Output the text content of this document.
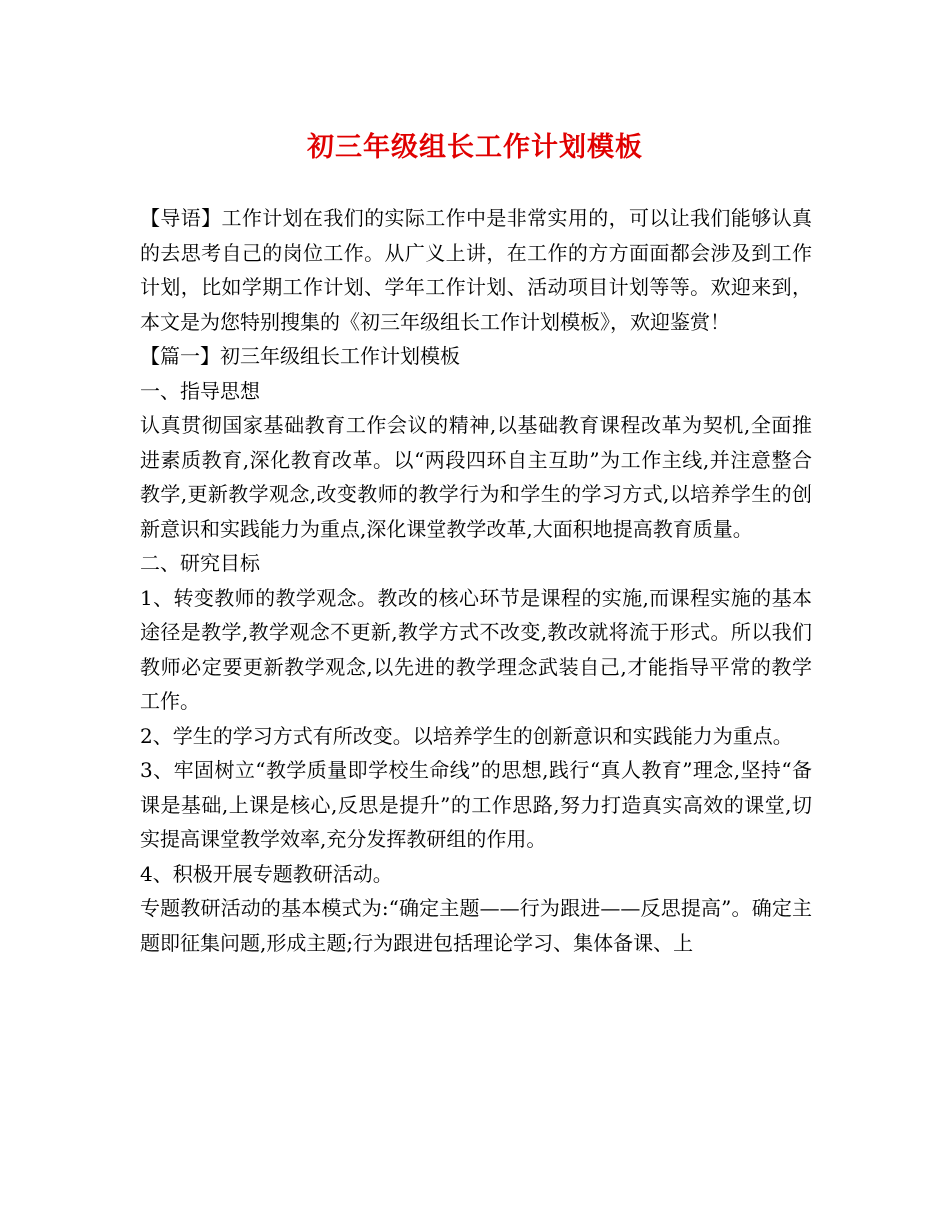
初三年级组长工作计划模板

【导语】工作计划在我们的实际工作中是非常实用的，可以让我们能够认真的去思考自己的岗位工作。从广义上讲，在工作的方方面面都会涉及到工作计划，比如学期工作计划、学年工作计划、活动项目计划等等。欢迎来到，本文是为您特别搜集的《初三年级组长工作计划模板》，欢迎鉴赏！

【篇一】初三年级组长工作计划模板

一、指导思想

认真贯彻国家基础教育工作会议的精神,以基础教育课程改革为契机,全面推进素质教育,深化教育改革。以“两段四环自主互助”为工作主线,并注意整合教学,更新教学观念,改变教师的教学行为和学生的学习方式,以培养学生的创新意识和实践能力为重点,深化课堂教学改革,大面积地提高教育质量。

二、研究目标

1、转变教师的教学观念。教改的核心环节是课程的实施,而课程实施的基本途径是教学,教学观念不更新,教学方式不改变,教改就将流于形式。所以我们教师必定要更新教学观念,以先进的教学理念武装自己,才能指导平常的教学工作。

2、学生的学习方式有所改变。以培养学生的创新意识和实践能力为重点。

3、牢固树立“教学质量即学校生命线”的思想,践行“真人教育”理念,坚持“备课是基础,上课是核心,反思是提升”的工作思路,努力打造真实高效的课堂,切实提高课堂教学效率,充分发挥教研组的作用。

4、积极开展专题教研活动。

专题教研活动的基本模式为:“确定主题——行为跟进——反思提高”。确定主题即征集问题,形成主题;行为跟进包括理论学习、集体备课、上
